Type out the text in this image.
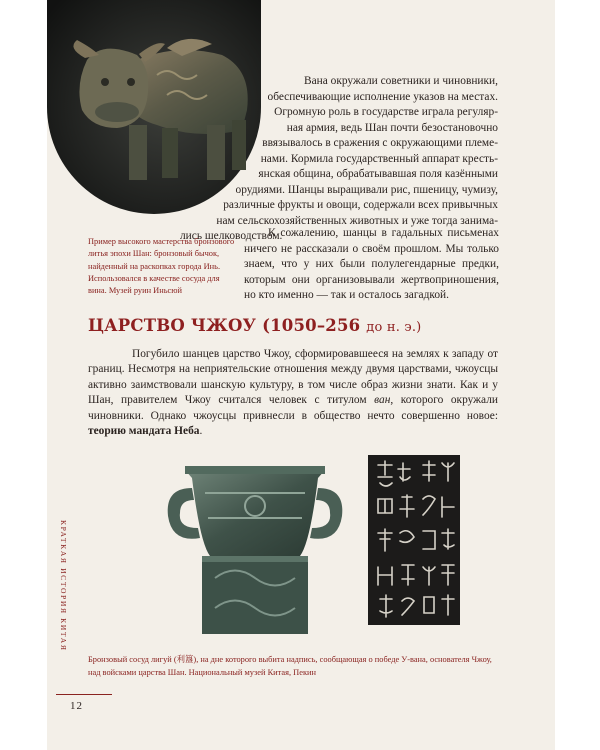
Вана окружали советники и чиновники,
обеспечивающие исполнение указов на местах.
Огромную роль в государстве играла регуляр-
ная армия, ведь Шан почти безостановочно
ввязывалось в сражения с окружающими племе-
нами. Кормила государственный аппарат кресть-
янская община, обрабатывавшая поля казёнными
орудиями. Шанцы выращивали рис, пшеницу, чумизу,
различные фрукты и овощи, содержали всех привычных
нам сельскохозяйственных животных и уже тогда занима-
лись шелководством.

К сожалению, шанцы в гадальных письменах ничего не рассказали о своём прошлом. Мы только знаем, что у них были полулегендарные предки, которым они организовывали жертвоприношения, но кто именно — так и осталось загадкой.

Пример высокого мастерства бронзового литья эпохи Шан: бронзовый бычок, найденный на раскопках города Инь. Использовался в качестве сосуда для вина. Музей руин Иньсюй
ЦАРСТВО ЧЖОУ (1050–256 до н. э.)

Погубило шанцев царство Чжоу, сформировавшееся на землях к западу от границ. Несмотря на неприятельские отношения между двумя царствами, чжоусцы активно заимствовали шанскую культуру, в том числе образ жизни знати. Как и у Шан, правителем Чжоу считался человек с титулом ван, которого окружали чиновники. Однако чжоусцы привнесли в общество нечто совершенно новое: теорию мандата Неба.

Бронзовый сосуд лигуй (利簋), на дне которого выбита надпись, сообщающая о победе У-вана, основателя Чжоу, над войсками царства Шан. Национальный музей Китая, Пекин
КРАТКАЯ ИСТОРИЯ КИТАЯ
12
